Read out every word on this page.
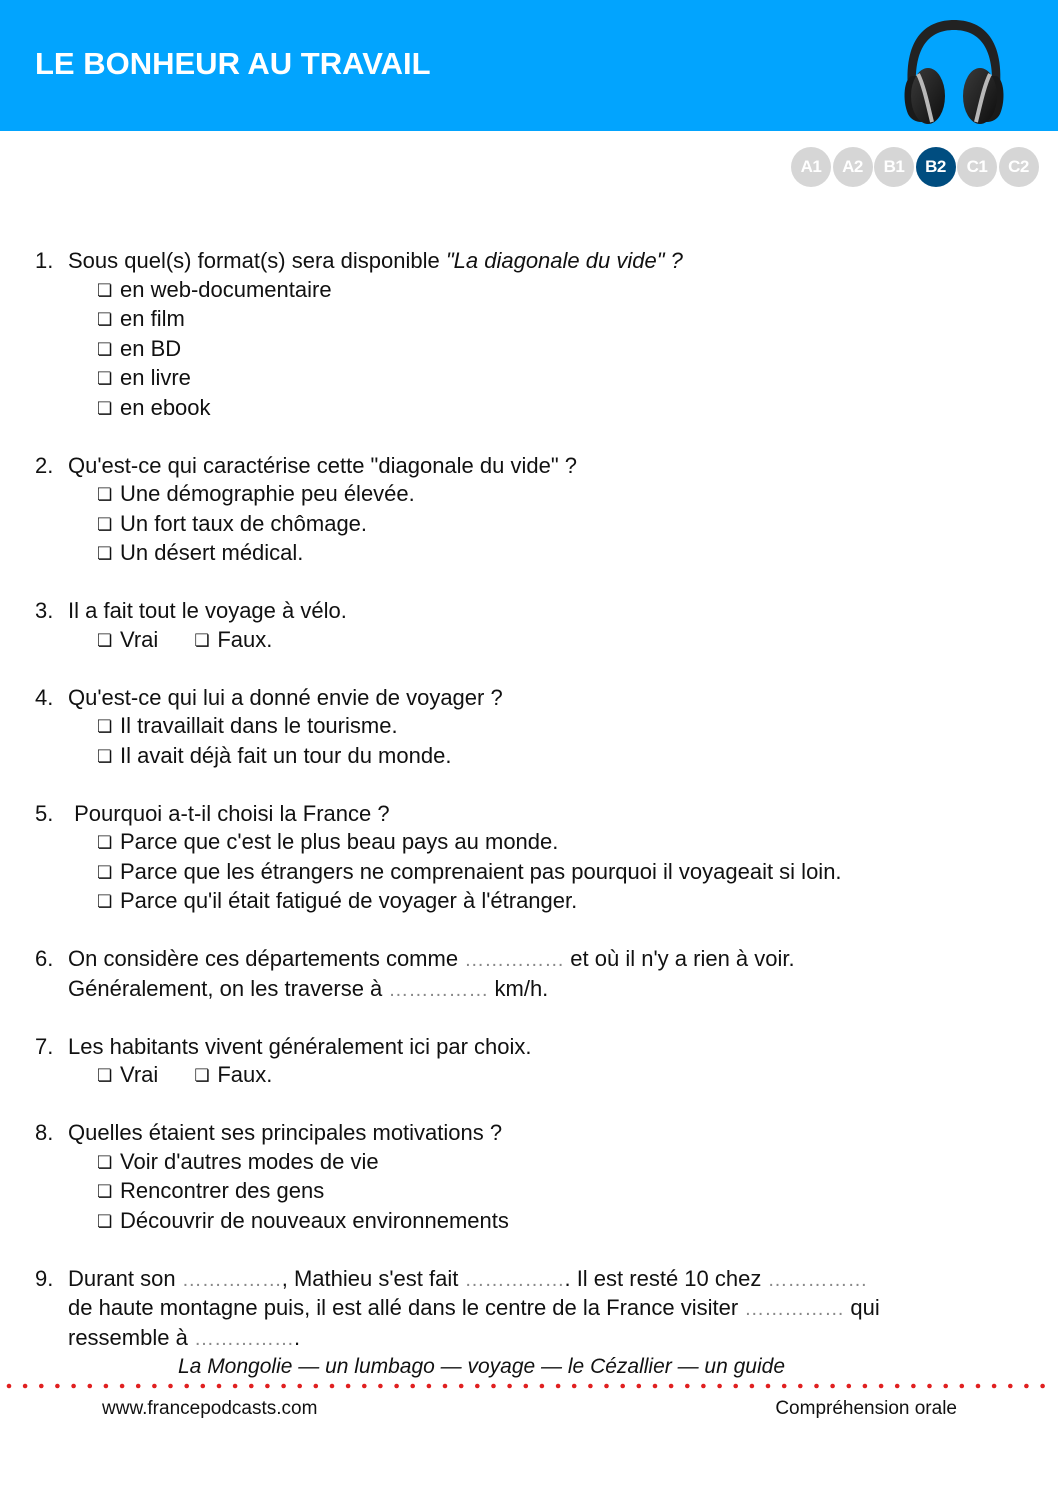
LE BONHEUR AU TRAVAIL
A1	A2	B1	B2	C1	C2
1. Sous quel(s) format(s) sera disponible "La diagonale du vide" ?
❏ en web-documentaire
❏ en film
❏ en BD
❏ en livre
❏ en ebook
2. Qu'est-ce qui caractérise cette "diagonale du vide" ?
❏ Une démographie peu élevée.
❏ Un fort taux de chômage.
❏ Un désert médical.
3. Il a fait tout le voyage à vélo.
❏ Vrai ❏ Faux.
4. Qu'est-ce qui lui a donné envie de voyager ?
❏ Il travaillait dans le tourisme.
❏ Il avait déjà fait un tour du monde.
5. Pourquoi a-t-il choisi la France ?
❏ Parce que c'est le plus beau pays au monde.
❏ Parce que les étrangers ne comprenaient pas pourquoi il voyageait si loin.
❏ Parce qu'il était fatigué de voyager à l'étranger.
6. On considère ces départements comme …………… et où il n'y a rien à voir.
Généralement, on les traverse à …………… km/h.
7. Les habitants vivent généralement ici par choix.
❏ Vrai ❏ Faux.
8. Quelles étaient ses principales motivations ?
❏ Voir d'autres modes de vie
❏ Rencontrer des gens
❏ Découvrir de nouveaux environnements
9. Durant son ……………, Mathieu s'est fait ……………. Il est resté 10 chez ……………
de haute montagne puis, il est allé dans le centre de la France visiter …………… qui
ressemble à …………….
La Mongolie — un lumbago — voyage — le Cézallier — un guide
www.francepodcasts.com	Compréhension orale
